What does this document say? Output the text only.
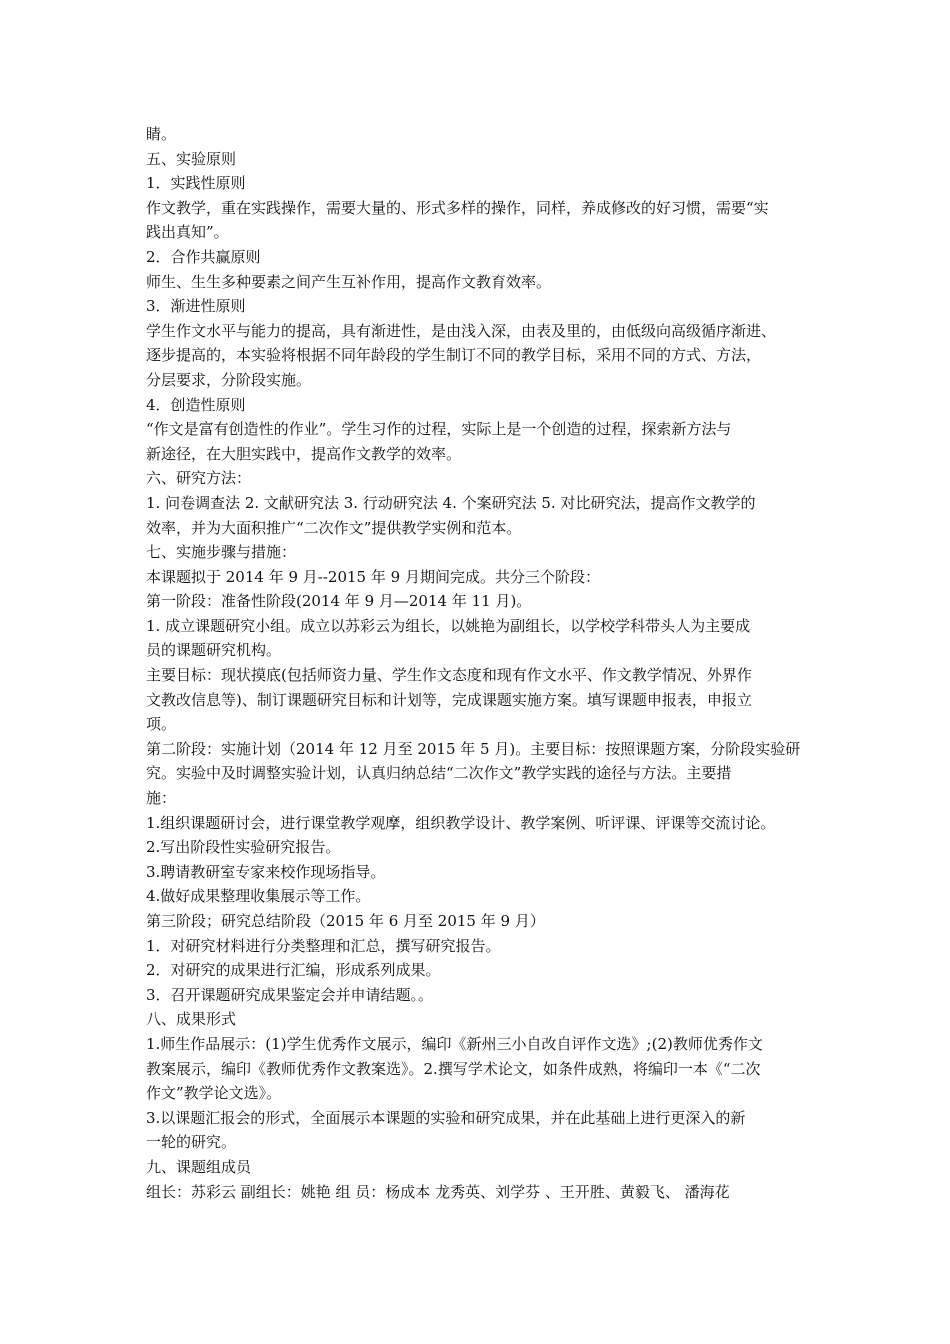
睛。
五、实验原则
1．实践性原则
作文教学，重在实践操作，需要大量的、形式多样的操作，同样，养成修改的好习惯，需要“实
践出真知”。
2．合作共赢原则
师生、生生多种要素之间产生互补作用，提高作文教育效率。
3．渐进性原则
学生作文水平与能力的提高，具有渐进性，是由浅入深，由表及里的，由低级向高级循序渐进、
逐步提高的，本实验将根据不同年龄段的学生制订不同的教学目标，采用不同的方式、方法，
分层要求，分阶段实施。
4．创造性原则
“作文是富有创造性的作业”。学生习作的过程，实际上是一个创造的过程，探索新方法与
新途径，在大胆实践中，提高作文教学的效率。
六、研究方法：
1. 问卷调查法 2. 文献研究法 3. 行动研究法 4. 个案研究法 5. 对比研究法，提高作文教学的
效率，并为大面积推广“二次作文”提供教学实例和范本。
七、实施步骤与措施：
本课题拟于 2014 年 9 月--2015 年 9 月期间完成。共分三个阶段：
第一阶段：准备性阶段(2014 年 9 月—2014 年 11 月)。
1. 成立课题研究小组。成立以苏彩云为组长，以姚艳为副组长，以学校学科带头人为主要成
员的课题研究机构。
主要目标：现状摸底(包括师资力量、学生作文态度和现有作文水平、作文教学情况、外界作
文教改信息等)、制订课题研究目标和计划等，完成课题实施方案。填写课题申报表，申报立
项。
第二阶段：实施计划（2014 年 12 月至 2015 年 5 月)。主要目标：按照课题方案，分阶段实验研
究。实验中及时调整实验计划，认真归纳总结“二次作文”教学实践的途径与方法。主要措
施：
1.组织课题研讨会，进行课堂教学观摩，组织教学设计、教学案例、听评课、评课等交流讨论。
2.写出阶段性实验研究报告。
3.聘请教研室专家来校作现场指导。
4.做好成果整理收集展示等工作。
第三阶段；研究总结阶段（2015 年 6 月至 2015 年 9 月）
1．对研究材料进行分类整理和汇总，撰写研究报告。
2．对研究的成果进行汇编，形成系列成果。
3．召开课题研究成果鉴定会并申请结题。。
八、成果形式
1.师生作品展示：(1)学生优秀作文展示，编印《新州三小自改自评作文选》;(2)教师优秀作文
教案展示，编印《教师优秀作文教案选》。2.撰写学术论文，如条件成熟，将编印一本《“二次
作文”教学论文选》。
3.以课题汇报会的形式，全面展示本课题的实验和研究成果，并在此基础上进行更深入的新
一轮的研究。
九、课题组成员
组长：苏彩云 副组长：姚艳 组 员：杨成本 龙秀英、刘学芬 、王开胜、黄毅飞、 潘海花
